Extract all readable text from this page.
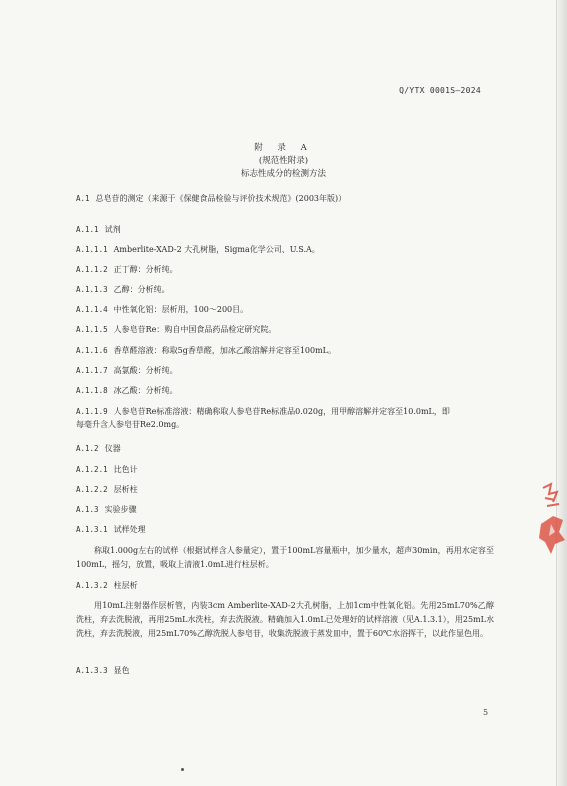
Q/YTX 0001S—2024
附 录 A
(规范性附录)
标志性成分的检测方法
A.1 总皂苷的测定（来源于《保健食品检验与评价技术规范》(2003年版)）
A.1.1 试剂
A.1.1.1 Amberlite-XAD-2 大孔树脂，Sigma化学公司、U.S.A。
A.1.1.2 正丁醇：分析纯。
A.1.1.3 乙醇：分析纯。
A.1.1.4 中性氧化铝：层析用，100～200目。
A.1.1.5 人参皂苷Re：购自中国食品药品检定研究院。
A.1.1.6 香草醛溶液：称取5g香草醛，加冰乙酸溶解并定容至100mL。
A.1.1.7 高氯酸：分析纯。
A.1.1.8 冰乙酸：分析纯。
A.1.1.9 人参皂苷Re标准溶液：精确称取人参皂苷Re标准品0.020g，用甲醇溶解并定容至10.0mL，即
每毫升含人参皂苷Re2.0mg。
A.1.2 仪器
A.1.2.1 比色计
A.1.2.2 层析柱
A.1.3 实验步骤
A.1.3.1 试样处理
称取1.000g左右的试样（根据试样含人参量定），置于100mL容量瓶中，加少量水，超声30min，再用水定容至100mL，摇匀，放置，吸取上清液1.0mL进行柱层析。
A.1.3.2 柱层析
用10mL注射器作层析管，内装3cm Amberlite-XAD-2大孔树脂，上加1cm中性氧化铝。先用25mL70%乙醇洗柱，弃去洗脱液，再用25mL水洗柱，弃去洗脱液。精确加入1.0mL已处理好的试样溶液（见A.1.3.1），用25mL水洗柱，弃去洗脱液，用25mL70%乙醇洗脱人参皂苷，收集洗脱液于蒸发皿中，置于60℃水浴挥干，以此作显色用。
A.1.3.3 显色
5
